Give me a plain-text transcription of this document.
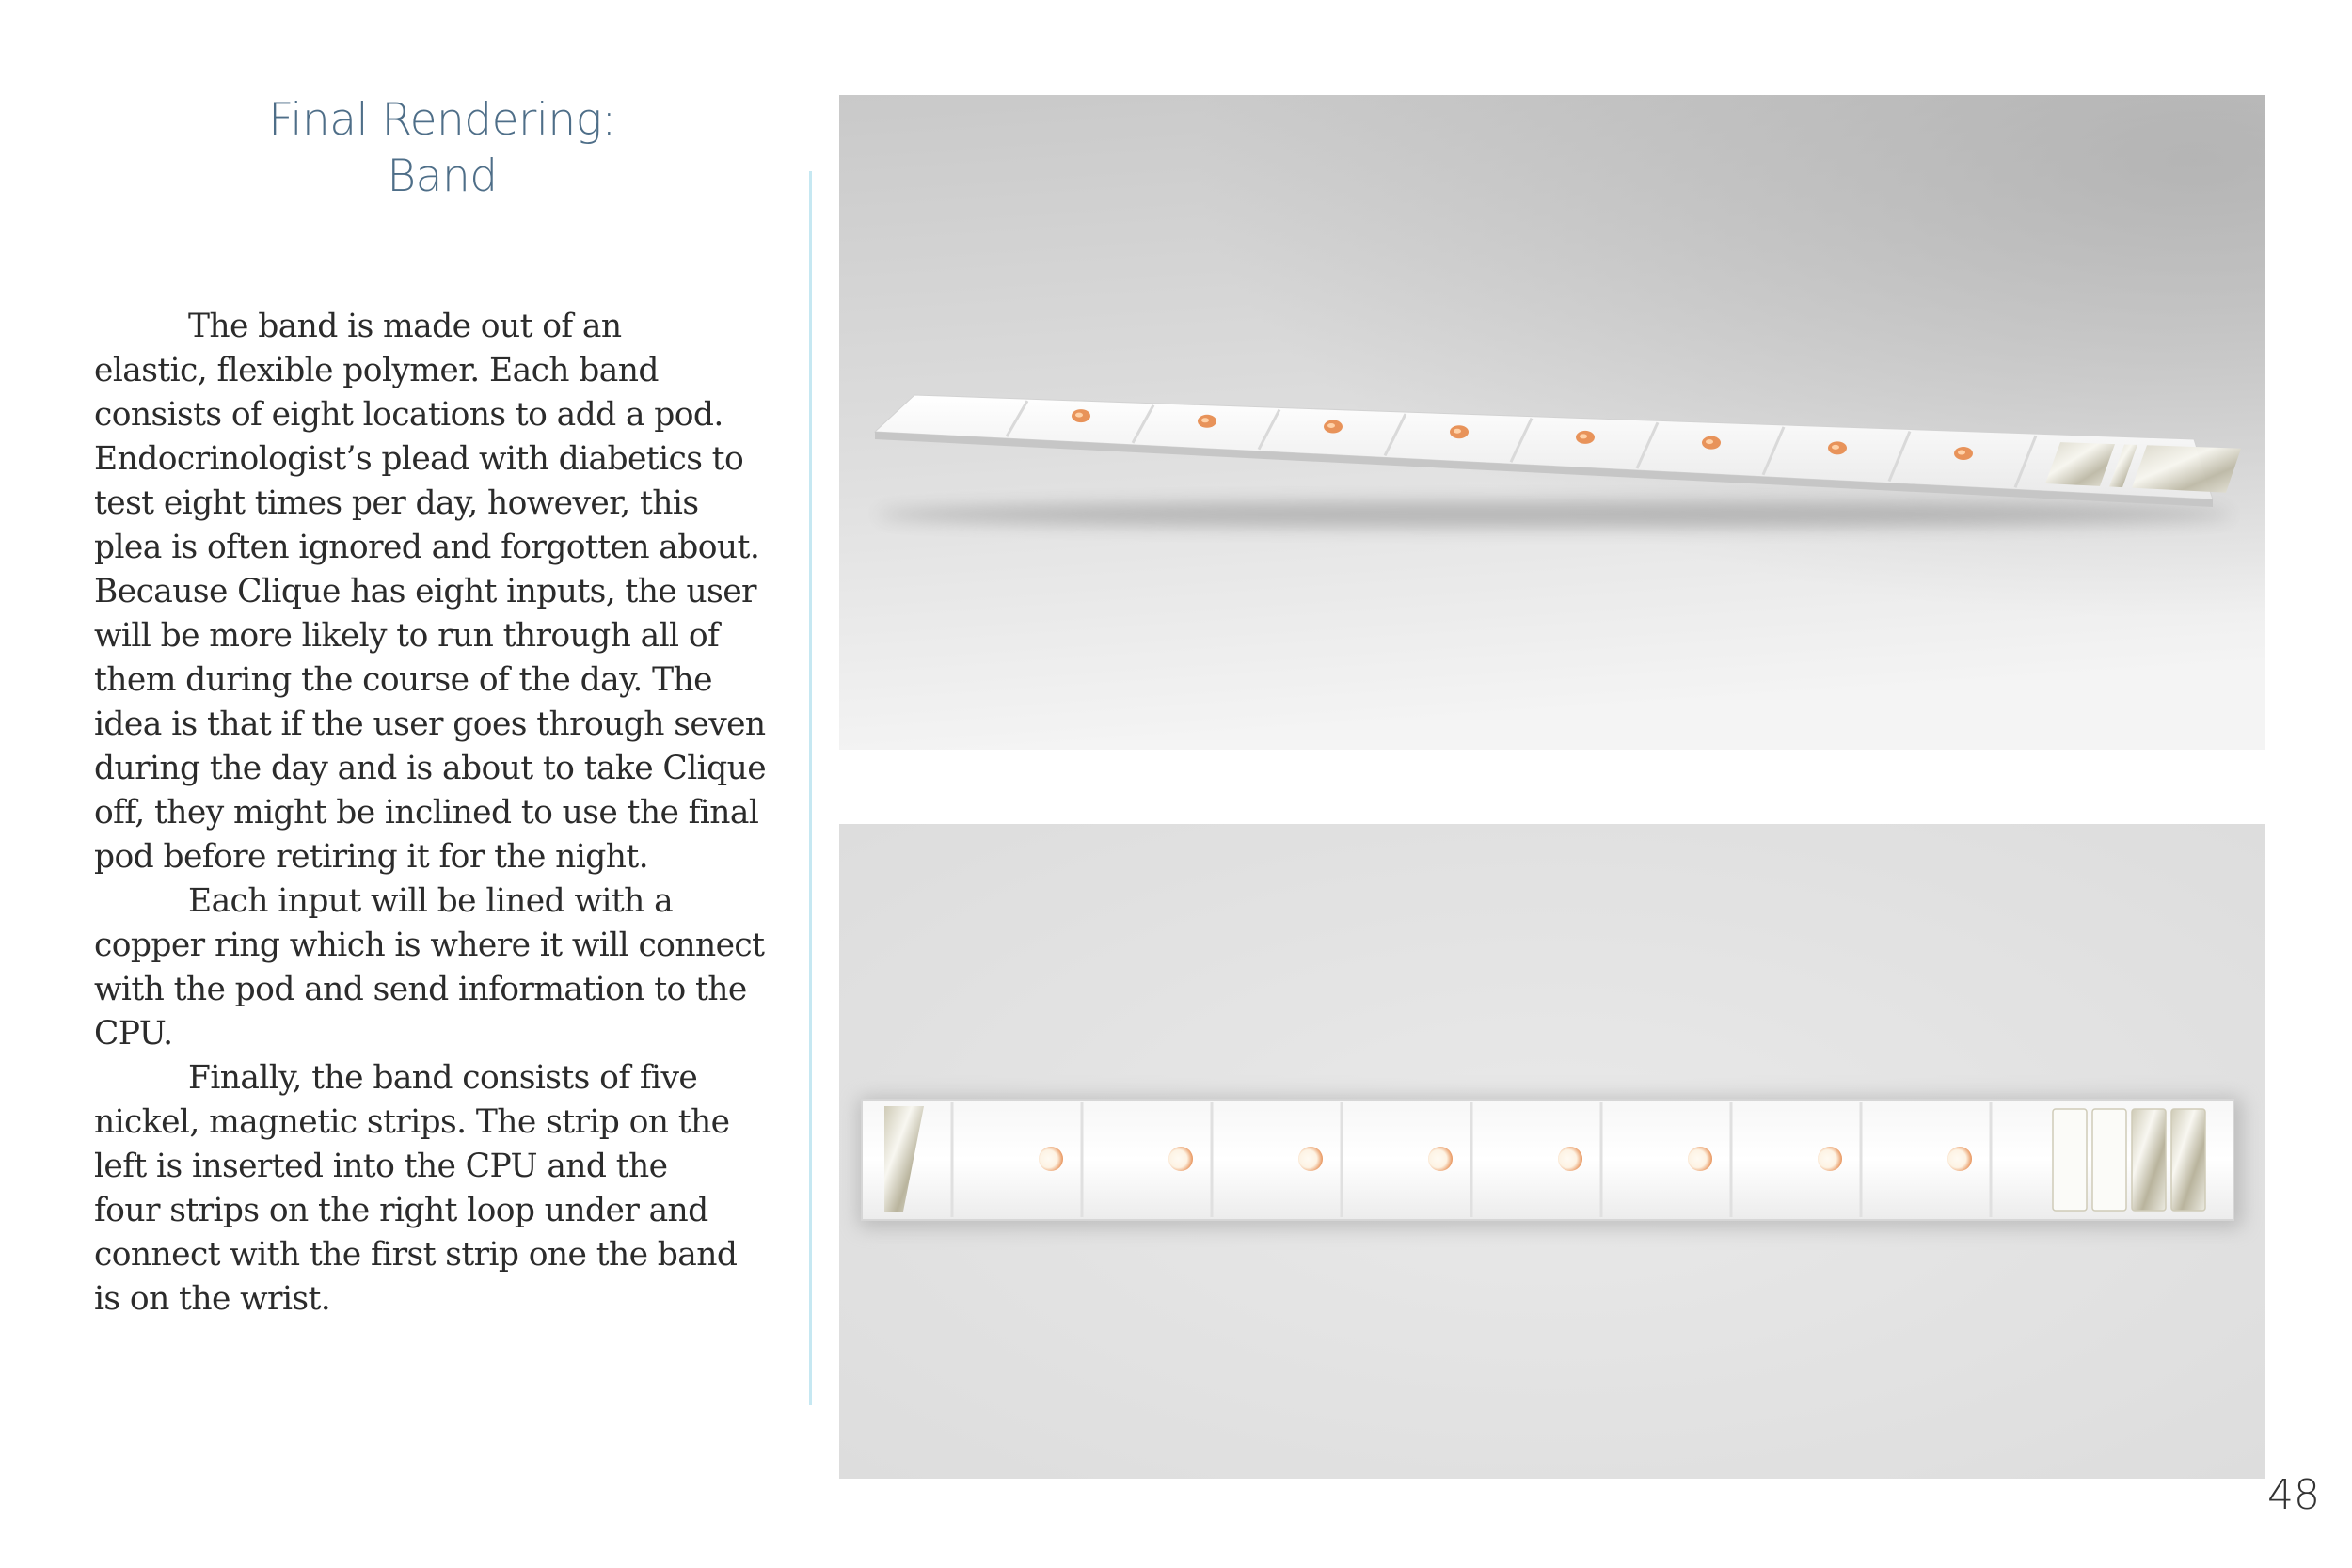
Final Rendering:
Band
The band is made out of an
elastic, flexible polymer. Each band
consists of eight locations to add a pod.
Endocrinologist’s plead with diabetics to
test eight times per day, however, this
plea is often ignored and forgotten about.
Because Clique has eight inputs, the user
will be more likely to run through all of
them during the course of the day. The
idea is that if the user goes through seven
during the day and is about to take Clique
off, they might be inclined to use the final
pod before retiring it for the night.
Each input will be lined with a
copper ring which is where it will connect
with the pod and send information to the
CPU.
Finally, the band consists of five
nickel, magnetic strips. The strip on the
left is inserted into the CPU and the
four strips on the right loop under and
connect with the first strip one the band
is on the wrist.
48
